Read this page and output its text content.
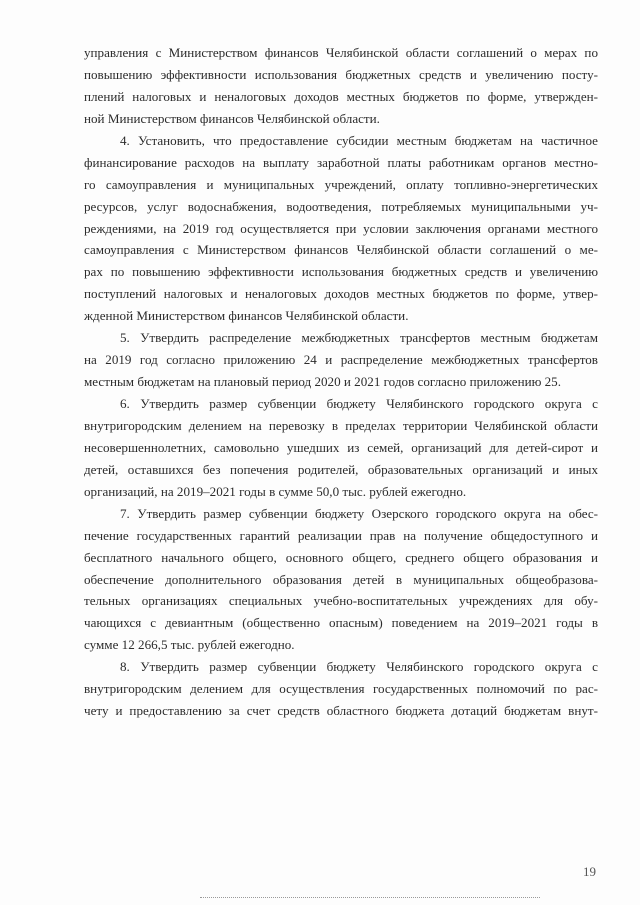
управления с Министерством финансов Челябинской области соглашений о мерах по
повышению эффективности использования бюджетных средств и увеличению посту-
плений налоговых и неналоговых доходов местных бюджетов по форме, утвержден-
ной Министерством финансов Челябинской области.
4. Установить, что предоставление субсидии местным бюджетам на частичное
финансирование расходов на выплату заработной платы работникам органов местно-
го самоуправления и муниципальных учреждений, оплату топливно-энергетических
ресурсов, услуг водоснабжения, водоотведения, потребляемых муниципальными уч-
реждениями, на 2019 год осуществляется при условии заключения органами местного
самоуправления с Министерством финансов Челябинской области соглашений о ме-
рах по повышению эффективности использования бюджетных средств и увеличению
поступлений налоговых и неналоговых доходов местных бюджетов по форме, утвер-
жденной Министерством финансов Челябинской области.
5. Утвердить распределение межбюджетных трансфертов местным бюджетам
на 2019 год согласно приложению 24 и распределение межбюджетных трансфертов
местным бюджетам на плановый период 2020 и 2021 годов согласно приложению 25.
6. Утвердить размер субвенции бюджету Челябинского городского округа с
внутригородским делением на перевозку в пределах территории Челябинской области
несовершеннолетних, самовольно ушедших из семей, организаций для детей-сирот и
детей, оставшихся без попечения родителей, образовательных организаций и иных
организаций, на 2019–2021 годы в сумме 50,0 тыс. рублей ежегодно.
7. Утвердить размер субвенции бюджету Озерского городского округа на обес-
печение государственных гарантий реализации прав на получение общедоступного и
бесплатного начального общего, основного общего, среднего общего образования и
обеспечение дополнительного образования детей в муниципальных общеобразова-
тельных организациях специальных учебно-воспитательных учреждениях для обу-
чающихся с девиантным (общественно опасным) поведением на 2019–2021 годы в
сумме 12 266,5 тыс. рублей ежегодно.
8. Утвердить размер субвенции бюджету Челябинского городского округа с
внутригородским делением для осуществления государственных полномочий по рас-
чету и предоставлению за счет средств областного бюджета дотаций бюджетам внут-
19
